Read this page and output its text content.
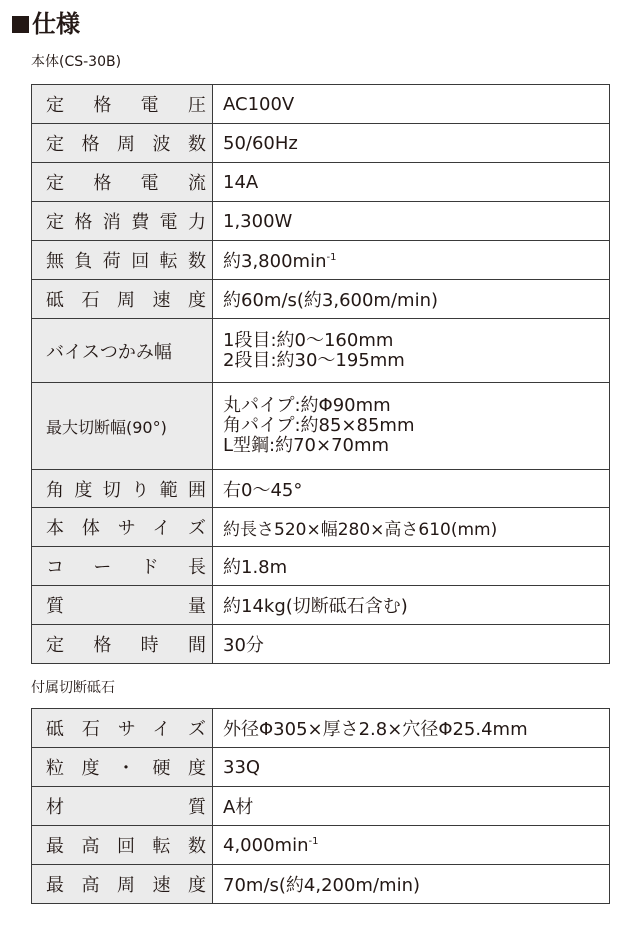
仕様
本体(CS-30B)
定格電圧	AC100V
定格周波数	50/60Hz
定格電流	14A
定格消費電力	1,300W
無負荷回転数	約$3,800\min^{-1}$
砥石周速度	約60m/s(約3,600m/min)
バイスつかみ幅	1段目:約0〜160mm
2段目:約30〜195mm

最大切断幅(90°)	丸パイプ:約Φ90mm
角パイプ:約85×85mm
L型鋼:約70×70mm

角度切り範囲	右0〜45°
本体サイズ	約長さ520×幅280×高さ610(mm)
コード長	約1.8m
質量	約14kg(切断砥石含む)
定格時間	30分
付属切断砥石
砥石サイズ	外径Φ305×厚さ2.8×穴径Φ25.4mm
粒度・硬度	33Q
材質	A材
最高回転数	$4,000\min^{-1}$
最高周速度	70m/s(約4,200m/min)
